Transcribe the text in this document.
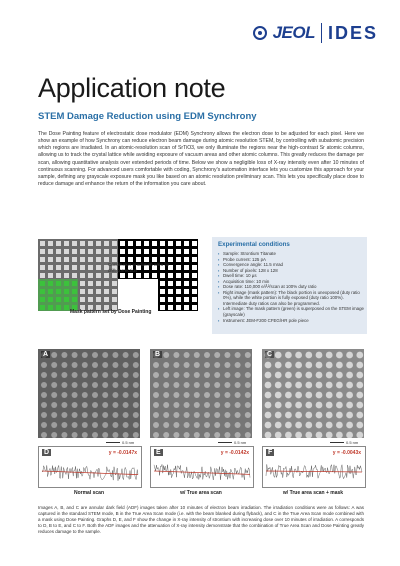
JEOL IDES
Application note
STEM Damage Reduction using EDM Synchrony

The Dose Painting feature of electrostatic dose modulator (EDM) Synchrony allows the electron dose to be adjusted for each pixel. Here we show an example of how Synchrony can reduce electron beam damage during atomic resolution STEM, by controlling with subatomic precision which regions are irradiated. In an atomic-resolution scan of SrTiO3, we only illuminate the regions near the high-contrast Sr atomic columns, allowing us to track the crystal lattice while avoiding exposure of vacuum areas and other atomic columns. This greatly reduces the damage per scan, allowing quantitative analysis over extended periods of time. Below we show a negligible loss of X-ray intensity even after 10 minutes of continuous scanning. For advanced users comfortable with coding, Synchrony's automation interface lets you customize this approach for your sample, defining any grayscale exposure mask you like based on an atomic resolution preliminary scan. This lets you specifically place dose to reduce damage and enhance the return of the information you care about.

Continuous irradiation area for drift correction
Mask pattern set by Dose Painting
Experimental conditions
▪ Sample: Strontium Titanate
▪ Probe current: 125 pA
▪ Convergence angle: 11.5 mrad
▪ Number of pixels: 128 x 128
▪ Dwell time: 10 µs
▪ Acquisition time: 10 min
▪ Dose rate: 110,000 e/Å²/scan at 100% duty ratio
▪ Right image (mask pattern): The black portion is unexposed (duty ratio 0%), while the white portion is fully exposed (duty ratio 100%). Intermediate duty ratios can also be programmed.
▪ Left image: The mask pattern (green) is superposed on the STEM image (grayscale)
▪ Instrument: JEM-F200 CFEG/HR pole piece
A	B	C
0.5 nm	0.5 nm	0.5 nm
D	y = -0.0147x	E	y = -0.0142x	F	y = -0.0043x
Normal scan	w/ True area scan	w/ True area scan + mask

Images A, B, and C are annular dark field (ADF) images taken after 10 minutes of electron beam irradiation. The irradiation conditions were as follows: A was captured in the standard STEM mode, B in the True Area Scan mode (i.e. with the beam blanked during flyback), and C in the True Area Scan mode combined with a mask using Dose Painting. Graphs D, E, and F show the change in X-ray intensity of strontium with increasing dose over 10 minutes of irradiation. A corresponds to D, B to E, and C to F. Both the ADF images and the attenuation of X-ray intensity demonstrate that the combination of True Area Scan and Dose Painting greatly reduces damage to the sample.
